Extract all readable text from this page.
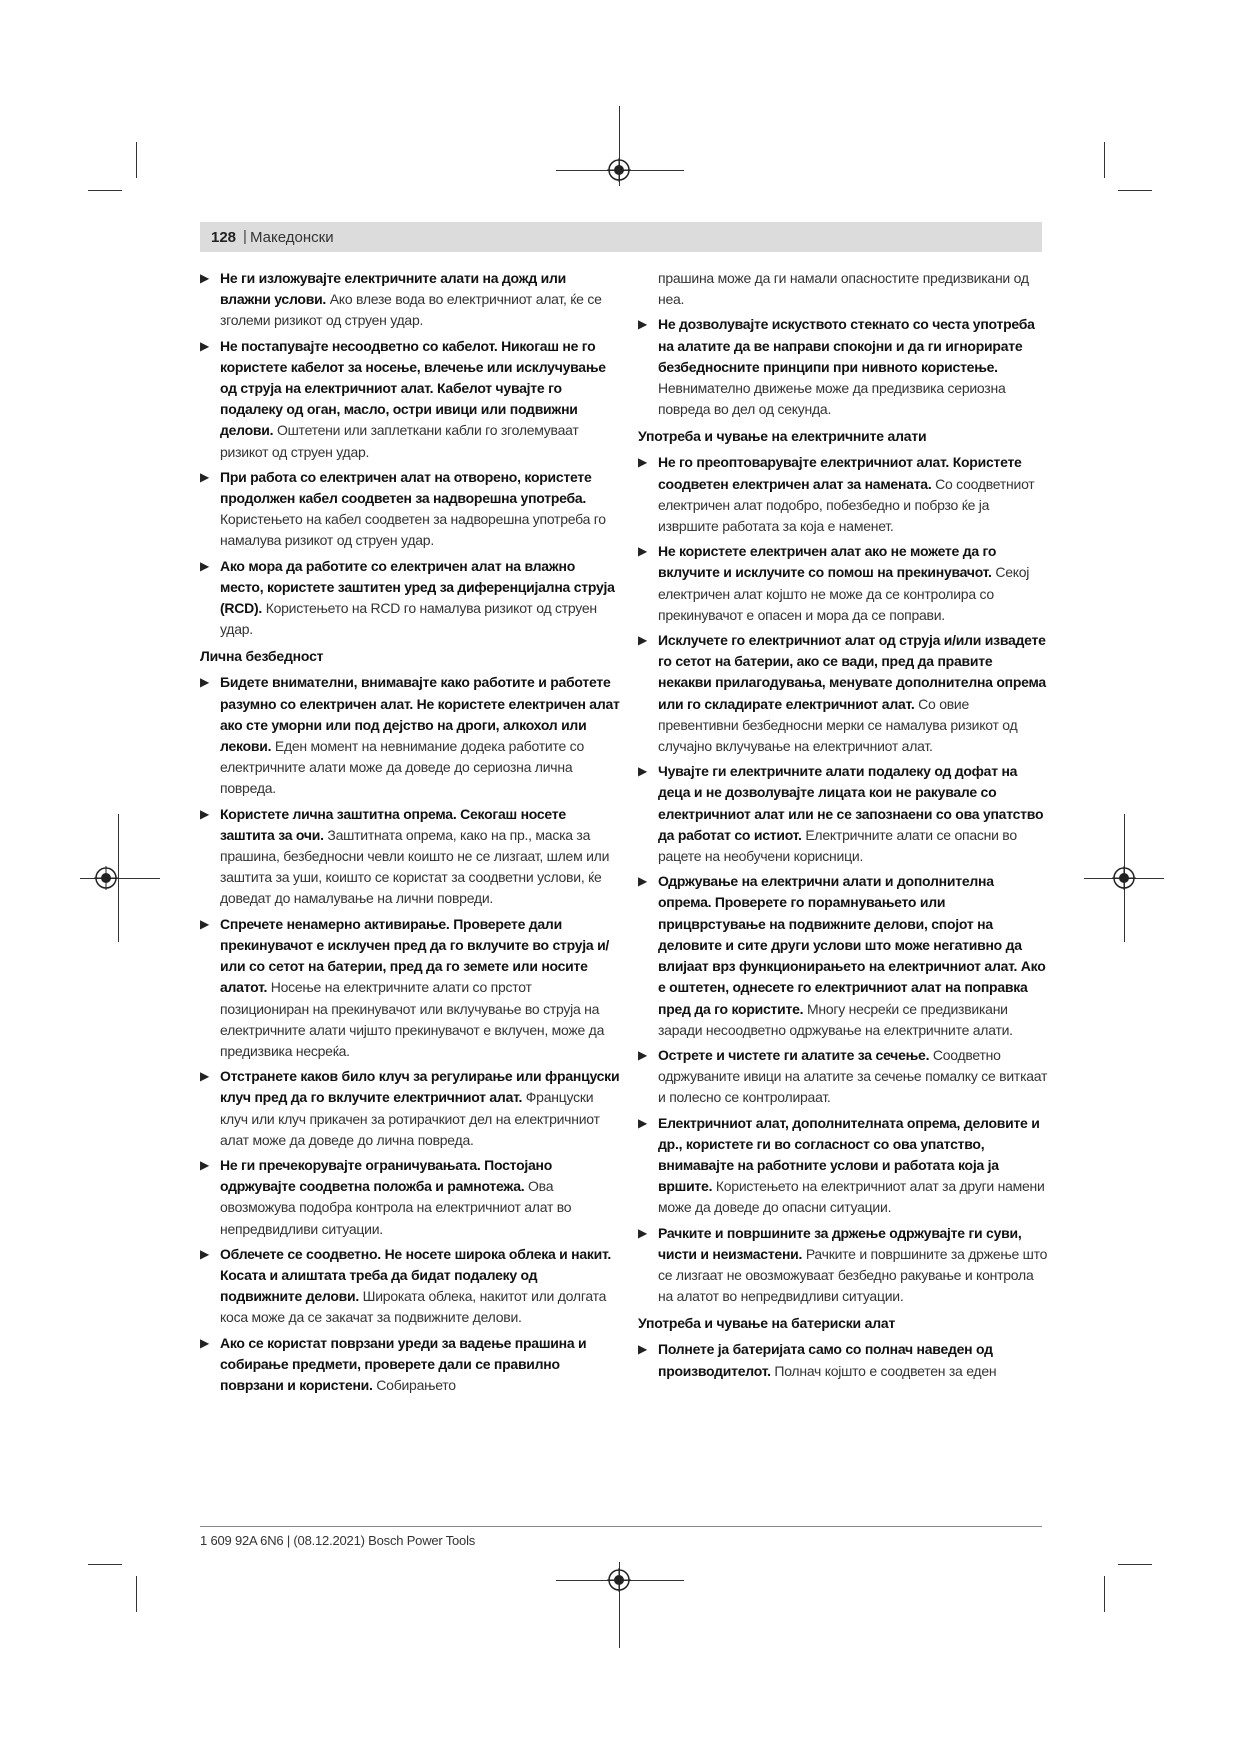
128 | Македонски
▶ Не ги изложувајте електричните алати на дожд или влажни услови. Ако влезе вода во електричниот алат, ќе се зголеми ризикот од струен удар.
▶ Не постапувајте несоодветно со кабелот. Никогаш не го користете кабелот за носење, влечење или исклучување од струја на електричниот алат. Кабелот чувајте го подалеку од оган, масло, остри ивици или подвижни делови. Оштетени или заплеткани кабли го зголемуваат ризикот од струен удар.
▶ При работа со електричен алат на отворено, користете продолжен кабел соодветен за надворешна употреба. Користењето на кабел соодветен за надворешна употреба го намалува ризикот од струен удар.
▶ Ако мора да работите со електричен алат на влажно место, користете заштитен уред за диференцијална струја (RCD). Користењето на RCD го намалува ризикот од струен удар.
Лична безбедност
▶ Бидете внимателни, внимавајте како работите и работете разумно со електричен алат. Не користете електричен алат ако сте уморни или под дејство на дроги, алкохол или лекови. Еден момент на невнимание додека работите со електричните алати може да доведе до сериозна лична повреда.
▶ Користете лична заштитна опрема. Секогаш носете заштита за очи. Заштитната опрема, како на пр., маска за прашина, безбедносни чевли коишто не се лизгаат, шлем или заштита за уши, коишто се користат за соодветни услови, ќе доведат до намалување на лични повреди.
▶ Спречете ненамерно активирање. Проверете дали прекинувачот е исклучен пред да го вклучите во струја и/или со сетот на батерии, пред да го земете или носите алатот. Носење на електричните алати со прстот позициониран на прекинувачот или вклучување во струја на електричните алати чијшто прекинувачот е вклучен, може да предизвика несреќа.
▶ Отстранете каков било клуч за регулирање или француски клуч пред да го вклучите електричниот алат. Француски клуч или клуч прикачен за ротирачкиот дел на електричниот алат може да доведе до лична повреда.
▶ Не ги пречекорувајте ограничувањата. Постојано одржувајте соодветна положба и рамнотежа. Ова овозможува подобра контрола на електричниот алат во непредвидливи ситуации.
▶ Облечете се соодветно. Не носете широка облека и накит. Косата и алиштата треба да бидат подалеку од подвижните делови. Широката облека, накитот или долгата коса може да се закачат за подвижните делови.
▶ Ако се користат поврзани уреди за вадење прашина и собирање предмети, проверете дали се правилно поврзани и користени. Собирањето
прашина може да ги намали опасностите предизвикани од неа.
▶ Не дозволувајте искуството стекнато со честа употреба на алатите да ве направи спокојни и да ги игнорирате безбедносните принципи при нивното користење. Невнимателно движење може да предизвика сериозна повреда во дел од секунда.
Употреба и чување на електричните алати
▶ Не го преоптоварувајте електричниот алат. Користете соодветен електричен алат за намената. Со соодветниот електричен алат подобро, побезбедно и побрзо ќе ја извршите работата за која е наменет.
▶ Не користете електричен алат ако не можете да го вклучите и исклучите со помош на прекинувачот. Секој електричен алат којшто не може да се контролира со прекинувачот е опасен и мора да се поправи.
▶ Исклучете го електричниот алат од струја и/или извадете го сетот на батерии, ако се вади, пред да правите некакви прилагодувања, менувате дополнителна опрема или го складирате електричниот алат. Со овие превентивни безбедносни мерки се намалува ризикот од случајно вклучување на електричниот алат.
▶ Чувајте ги електричните алати подалеку од дофат на деца и не дозволувајте лицата кои не ракувале со електричниот алат или не се запознаени со ова упатство да работат со истиот. Електричните алати се опасни во рацете на необучени корисници.
▶ Одржување на електрични алати и дополнителна опрема. Проверете го порамнувањето или прицврстување на подвижните делови, спојот на деловите и сите други услови што може негативно да влијаат врз функционирањето на електричниот алат. Ако е оштетен, однесете го електричниот алат на поправка пред да го користите. Многу несреќи се предизвикани заради несоодветно одржување на електричните алати.
▶ Острете и чистете ги алатите за сечење. Соодветно одржуваните ивици на алатите за сечење помалку се виткаат и полесно се контролираат.
▶ Електричниот алат, дополнителната опрема, деловите и др., користете ги во согласност со ова упатство, внимавајте на работните услови и работата која ја вршите. Користењето на електричниот алат за други намени може да доведе до опасни ситуации.
▶ Рачките и површините за држење одржувајте ги суви, чисти и неизмастени. Рачките и површините за држење што се лизгаат не овозможуваат безбедно ракување и контрола на алатот во непредвидливи ситуации.
Употреба и чување на батериски алат
▶ Полнете ја батеријата само со полнач наведен од производителот. Полнач којшто е соодветен за еден
1 609 92A 6N6 | (08.12.2021) Bosch Power Tools
